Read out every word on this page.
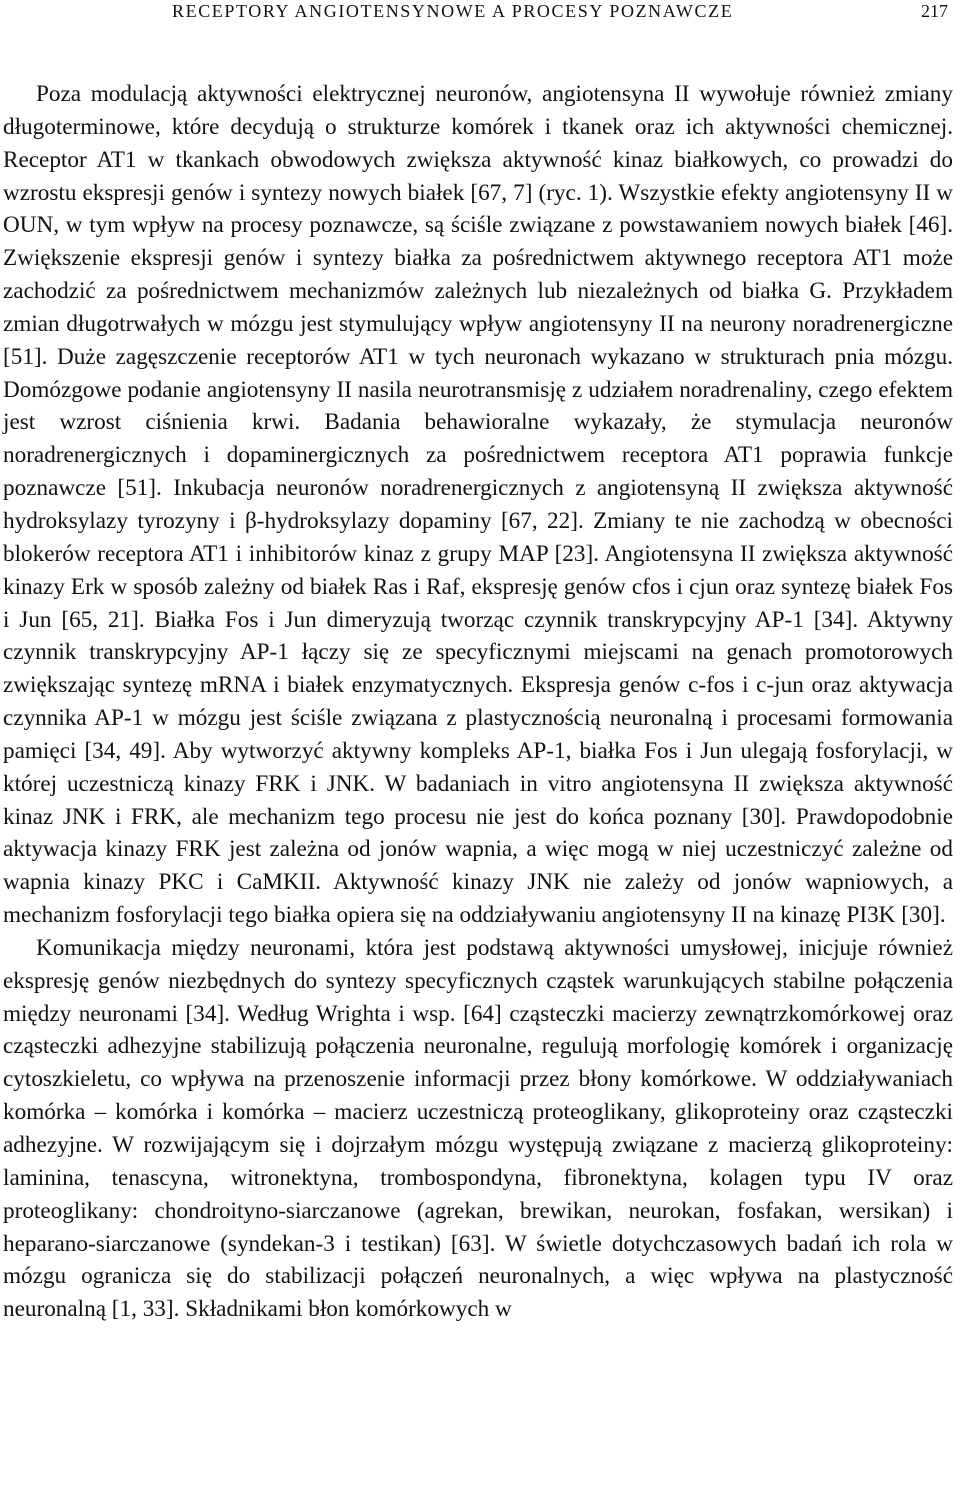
RECEPTORY ANGIOTENSYNOWE A PROCESY POZNAWCZE	217

Poza modulacją aktywności elektrycznej neuronów, angiotensyna II wywołuje również zmiany długoterminowe, które decydują o strukturze komórek i tkanek oraz ich aktywności chemicznej. Receptor AT1 w tkankach obwodowych zwiększa aktywność kinaz białkowych, co prowadzi do wzrostu ekspresji genów i syntezy nowych białek [67, 7] (ryc. 1). Wszystkie efekty angiotensyny II w OUN, w tym wpływ na procesy poznawcze, są ściśle związane z powstawaniem nowych białek [46]. Zwiększenie ekspresji genów i syntezy białka za pośrednictwem aktywnego receptora AT1 może zachodzić za pośrednictwem mechanizmów zależnych lub niezależnych od białka G. Przykładem zmian długotrwałych w mózgu jest stymulujący wpływ angiotensyny II na neurony noradrenergiczne [51]. Duże zagęszczenie receptorów AT1 w tych neuronach wykazano w strukturach pnia mózgu. Domózgowe podanie angiotensyny II nasila neurotransmisję z udziałem noradrenaliny, czego efektem jest wzrost ciśnienia krwi. Badania behawioralne wykazały, że stymulacja neuronów noradrenergicznych i dopaminergicznych za pośrednictwem receptora AT1 poprawia funkcje poznawcze [51]. Inkubacja neuronów noradrenergicznych z angiotensyną II zwiększa aktywność hydroksylazy tyrozyny i β-hydroksylazy dopaminy [67, 22]. Zmiany te nie zachodzą w obecności blokerów receptora AT1 i inhibitorów kinaz z grupy MAP [23]. Angiotensyna II zwiększa aktywność kinazy Erk w sposób zależny od białek Ras i Raf, ekspresję genów cfos i cjun oraz syntezę białek Fos i Jun [65, 21]. Białka Fos i Jun dimeryzują tworząc czynnik transkrypcyjny AP-1 [34]. Aktywny czynnik transkrypcyjny AP-1 łączy się ze specyficznymi miejscami na genach promotorowych zwiększając syntezę mRNA i białek enzymatycznych. Ekspresja genów c-fos i c-jun oraz aktywacja czynnika AP-1 w mózgu jest ściśle związana z plastycznością neuronalną i procesami formowania pamięci [34, 49]. Aby wytworzyć aktywny kompleks AP-1, białka Fos i Jun ulegają fosforylacji, w której uczestniczą kinazy FRK i JNK. W badaniach in vitro angiotensyna II zwiększa aktywność kinaz JNK i FRK, ale mechanizm tego procesu nie jest do końca poznany [30]. Prawdopodobnie aktywacja kinazy FRK jest zależna od jonów wapnia, a więc mogą w niej uczestniczyć zależne od wapnia kinazy PKC i CaMKII. Aktywność kinazy JNK nie zależy od jonów wapniowych, a mechanizm fosforylacji tego białka opiera się na oddziaływaniu angiotensyny II na kinazę PI3K [30].

Komunikacja między neuronami, która jest podstawą aktywności umysłowej, inicjuje również ekspresję genów niezbędnych do syntezy specyficznych cząstek warunkujących stabilne połączenia między neuronami [34]. Według Wrighta i wsp. [64] cząsteczki macierzy zewnątrzkomórkowej oraz cząsteczki adhezyjne stabilizują połączenia neuronalne, regulują morfologię komórek i organizację cytoszkieletu, co wpływa na przenoszenie informacji przez błony komórkowe. W oddziaływaniach komórka – komórka i komórka – macierz uczestniczą proteoglikany, glikoproteiny oraz cząsteczki adhezyjne. W rozwijającym się i dojrzałym mózgu występują związane z macierzą glikoproteiny: laminina, tenascyna, witronektyna, trombospondyna, fibronektyna, kolagen typu IV oraz proteoglikany: chondroityno-siarczanowe (agrekan, brewikan, neurokan, fosfakan, wersikan) i heparano-siarczanowe (syndekan-3 i testikan) [63]. W świetle dotychczasowych badań ich rola w mózgu ogranicza się do stabilizacji połączeń neuronalnych, a więc wpływa na plastyczność neuronalną [1, 33]. Składnikami błon komórkowych w
